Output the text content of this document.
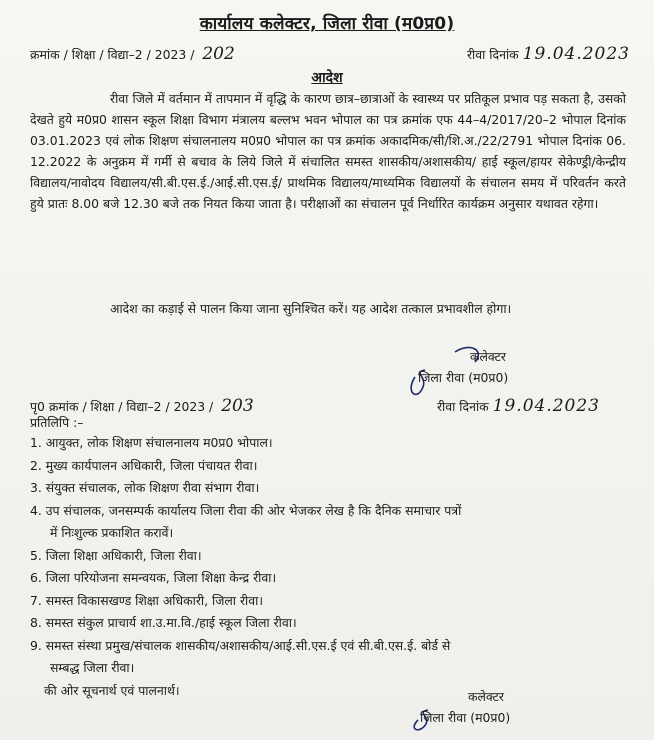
कार्यालय कलेक्टर, जिला रीवा (म0प्र0)
क्रमांक / शिक्षा / विद्या–2 / 2023 / 202	रीवा दिनांक 19.04.2023
आदेश

रीवा जिले में वर्तमान में तापमान में वृद्धि के कारण छात्र–छात्राओं के स्वास्थ्य पर प्रतिकूल प्रभाव पड़ सकता है, उसको देखते हुये म0प्र0 शासन स्कूल शिक्षा विभाग मंत्रालय बल्लभ भवन भोपाल का पत्र क्रमांक एफ 44–4/2017/20–2 भोपाल दिनांक 03.01.2023 एवं लोक शिक्षण संचालनालय म0प्र0 भोपाल का पत्र क्रमांक अकादमिक/सी/शि.अ./22/2791 भोपाल दिनांक 06. 12.2022 के अनुक्रम में गर्मी से बचाव के लिये जिले में संचालित समस्त शासकीय/अशासकीय/ हाई स्कूल/हायर सेकेण्ड्री/केन्द्रीय विद्यालय/नावोदय विद्यालय/सी.बी.एस.ई./आई.सी.एस.ई/ प्राथमिक विद्यालय/माध्यमिक विद्यालयों के संचालन समय में परिवर्तन करते हुये प्रातः 8.00 बजे 12.30 बजे तक नियत किया जाता है। परीक्षाओं का संचालन पूर्व निर्धारित कार्यक्रम अनुसार यथावत रहेगा।

आदेश का कड़ाई से पालन किया जाना सुनिश्चित करें। यह आदेश तत्काल प्रभावशील होगा।

कलेक्टर
जिला रीवा (म0प्र0)
पृ0 क्रमांक / शिक्षा / विद्या–2 / 2023 / 203	रीवा दिनांक 19.04.2023
प्रतिलिपि :–
1. आयुक्त, लोक शिक्षण संचालनालय म0प्र0 भोपाल।
2. मुख्य कार्यपालन अधिकारी, जिला पंचायत रीवा।
3. संयुक्त संचालक, लोक शिक्षण रीवा संभाग रीवा।
4. उप संचालक, जनसम्पर्क कार्यालय जिला रीवा की ओर भेजकर लेख है कि दैनिक समाचार पत्रों
में निःशुल्क प्रकाशित करावें।
5. जिला शिक्षा अधिकारी, जिला रीवा।
6. जिला परियोजना समन्वयक, जिला शिक्षा केन्द्र रीवा।
7. समस्त विकासखण्ड शिक्षा अधिकारी, जिला रीवा।
8. समस्त संकुल प्राचार्य शा.उ.मा.वि./हाई स्कूल जिला रीवा।
9. समस्त संस्था प्रमुख/संचालक शासकीय/अशासकीय/आई.सी.एस.ई एवं सी.बी.एस.ई. बोर्ड से
सम्बद्ध जिला रीवा।
की ओर सूचनार्थ एवं पालनार्थ।	कलेक्टर
जिला रीवा (म0प्र0)
